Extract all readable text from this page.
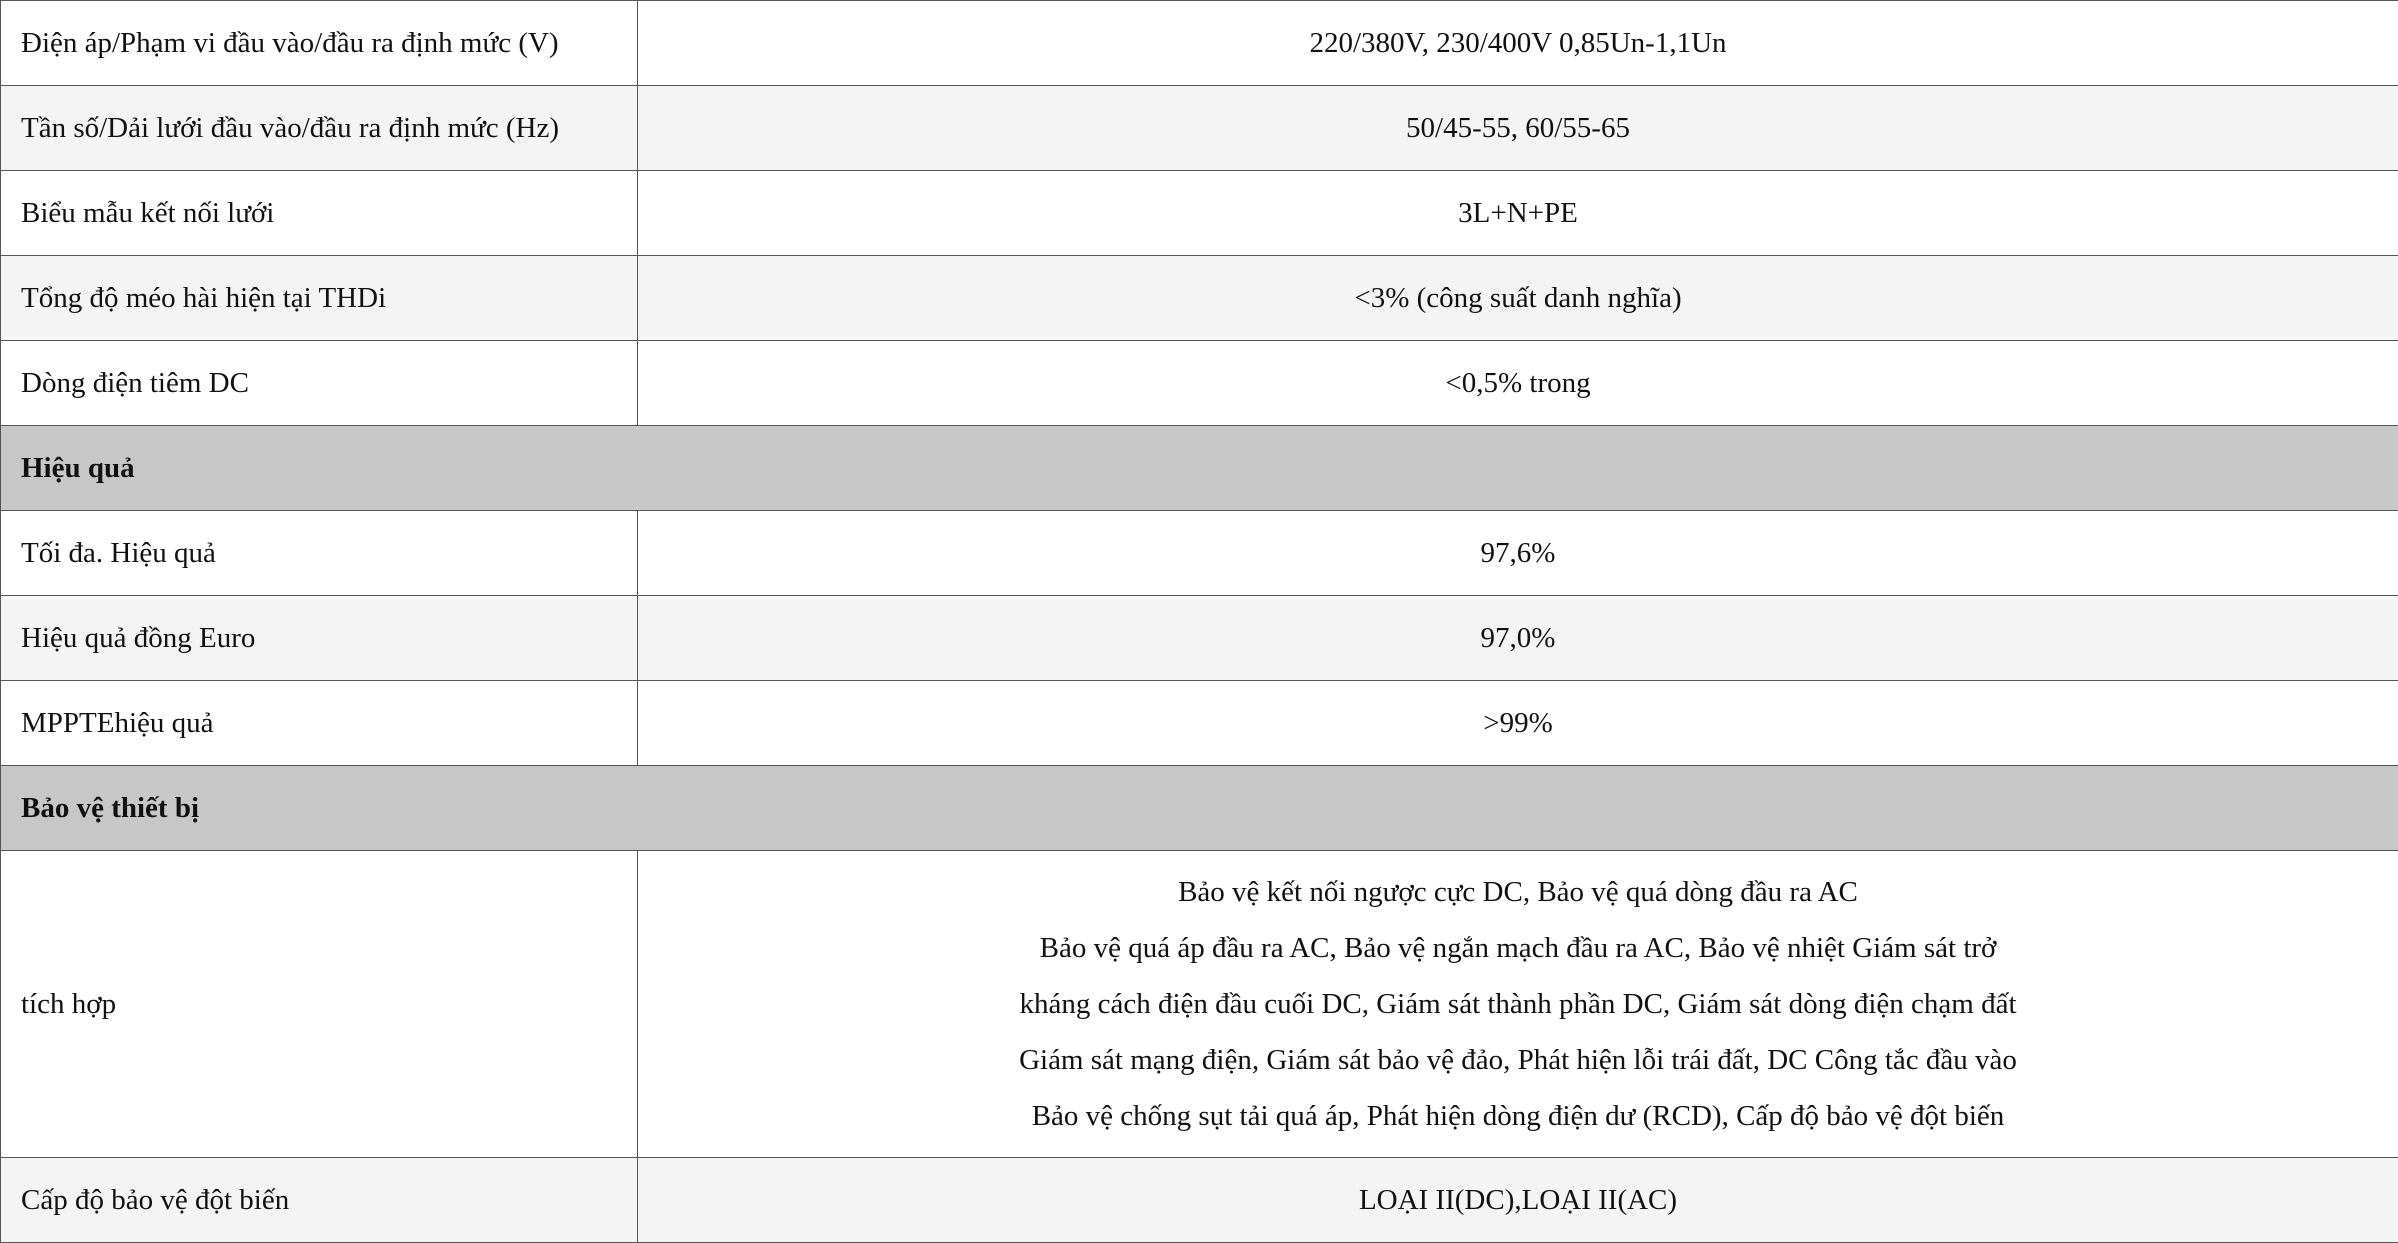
Điện áp/Phạm vi đầu vào/đầu ra định mức (V)	220/380V, 230/400V 0,85Un-1,1Un
Tần số/Dải lưới đầu vào/đầu ra định mức (Hz)	50/45-55, 60/55-65
Biểu mẫu kết nối lưới	3L+N+PE
Tổng độ méo hài hiện tại THDi	<3% (công suất danh nghĩa)
Dòng điện tiêm DC	<0,5% trong
Hiệu quả	
Tối đa. Hiệu quả	97,6%
Hiệu quả đồng Euro	97,0%
MPPTEhiệu quả	>99%
Bảo vệ thiết bị	
tích hợp	Bảo vệ kết nối ngược cực DC, Bảo vệ quá dòng đầu ra AC
Bảo vệ quá áp đầu ra AC, Bảo vệ ngắn mạch đầu ra AC, Bảo vệ nhiệt Giám sát trở
kháng cách điện đầu cuối DC, Giám sát thành phần DC, Giám sát dòng điện chạm đất
Giám sát mạng điện, Giám sát bảo vệ đảo, Phát hiện lỗi trái đất, DC Công tắc đầu vào
Bảo vệ chống sụt tải quá áp, Phát hiện dòng điện dư (RCD), Cấp độ bảo vệ đột biến

Cấp độ bảo vệ đột biến	LOẠI II(DC),LOẠI II(AC)
